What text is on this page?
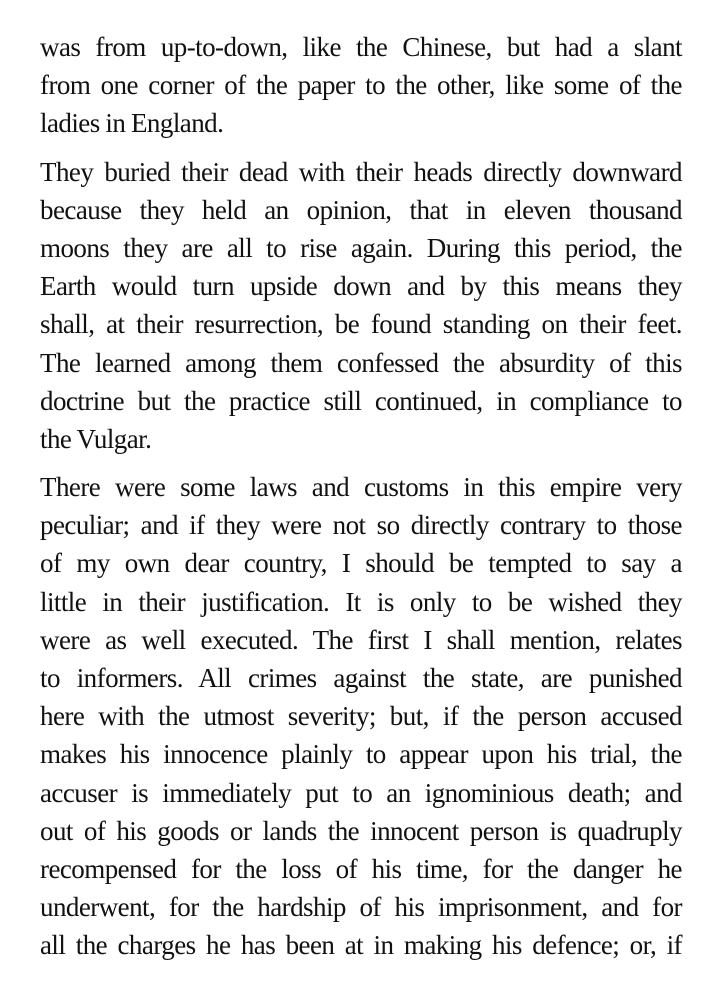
was from up-to-down, like the Chinese, but had a slant
from one corner of the paper to the other, like some of the
ladies in England.

They buried their dead with their heads directly downward
because they held an opinion, that in eleven thousand
moons they are all to rise again. During this period, the
Earth would turn upside down and by this means they
shall, at their resurrection, be found standing on their feet.
The learned among them confessed the absurdity of this
doctrine but the practice still continued, in compliance to
the Vulgar.

There were some laws and customs in this empire very
peculiar; and if they were not so directly contrary to those
of my own dear country, I should be tempted to say a
little in their justification. It is only to be wished they
were as well executed. The first I shall mention, relates
to informers. All crimes against the state, are punished
here with the utmost severity; but, if the person accused
makes his innocence plainly to appear upon his trial, the
accuser is immediately put to an ignominious death; and
out of his goods or lands the innocent person is quadruply
recompensed for the loss of his time, for the danger he
underwent, for the hardship of his imprisonment, and for
all the charges he has been at in making his defence; or, if
